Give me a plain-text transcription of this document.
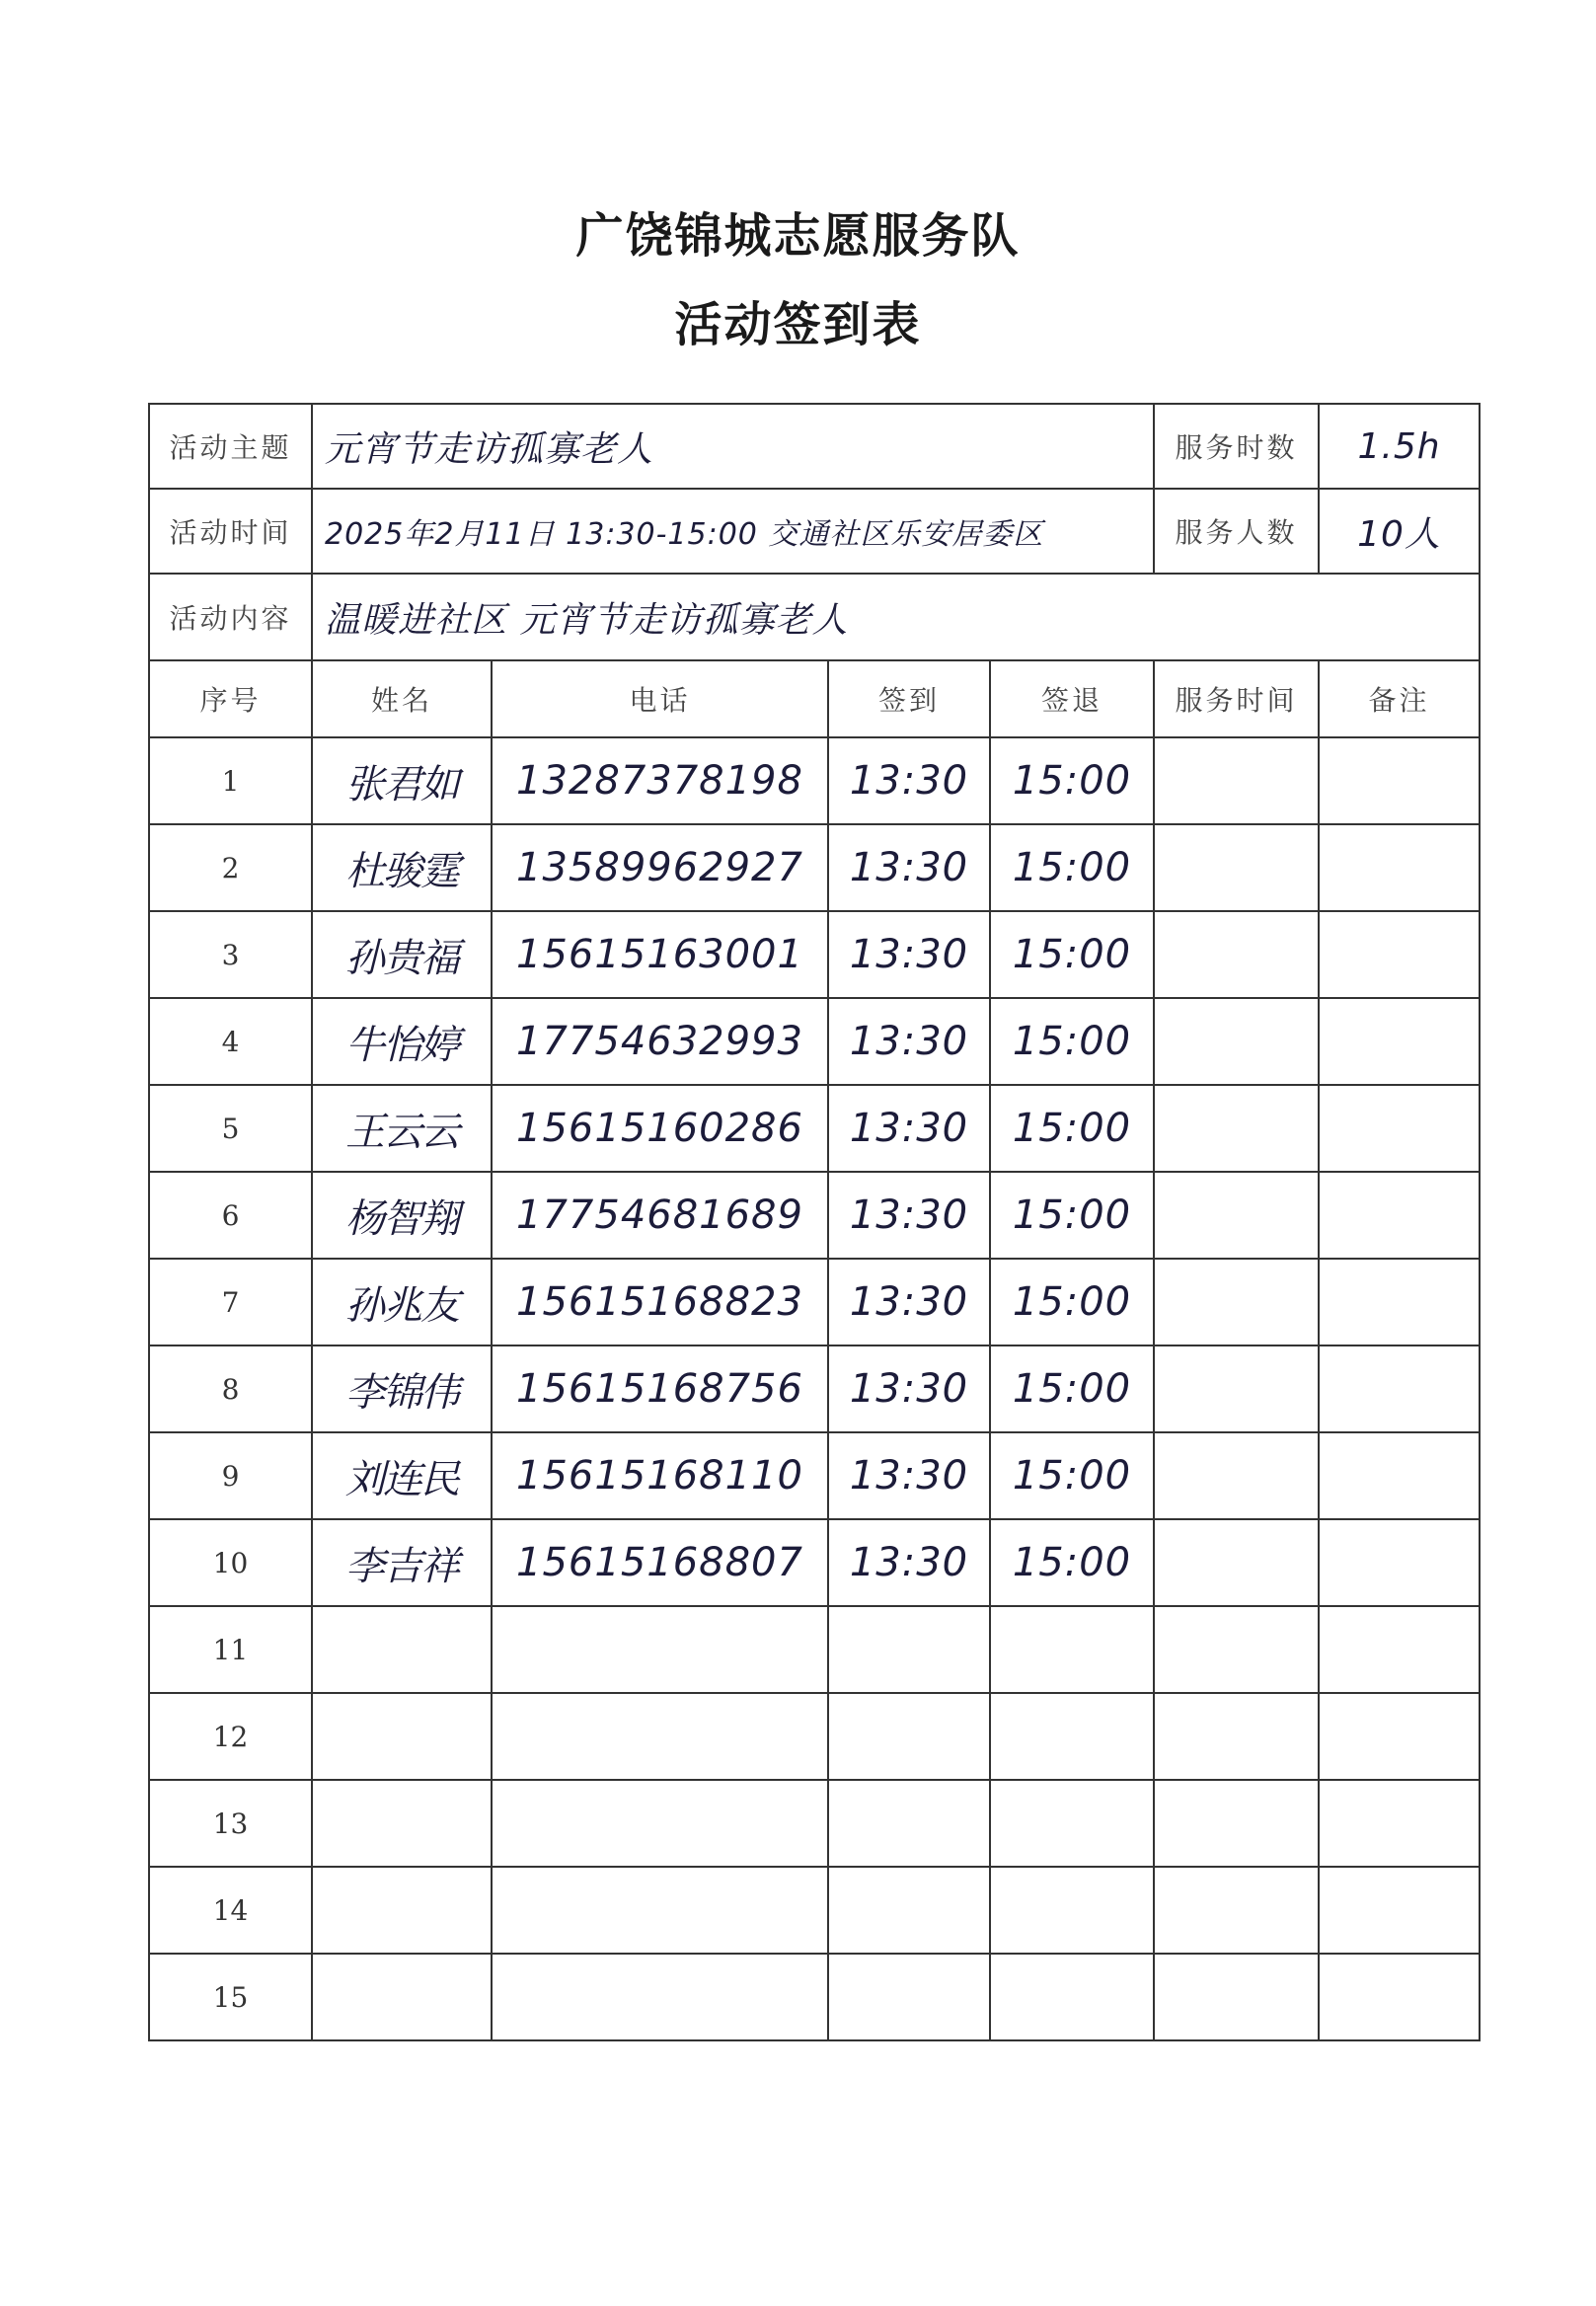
广饶锦城志愿服务队
活动签到表
活动主题	元宵节走访孤寡老人				服务时数	1.5h
活动时间	2025年2月11日 13:30-15:00 交通社区乐安居委区				服务人数	10人
活动内容	温暖进社区 元宵节走访孤寡老人					
序号	姓名	电话	签到	签退	服务时间	备注
1	张君如	13287378198	13:30	15:00		
2	杜骏霆	13589962927	13:30	15:00		
3	孙贵福	15615163001	13:30	15:00		
4	牛怡婷	17754632993	13:30	15:00		
5	王云云	15615160286	13:30	15:00		
6	杨智翔	17754681689	13:30	15:00		
7	孙兆友	15615168823	13:30	15:00		
8	李锦伟	15615168756	13:30	15:00		
9	刘连民	15615168110	13:30	15:00		
10	李吉祥	15615168807	13:30	15:00		
11						
12						
13						
14						
15						
